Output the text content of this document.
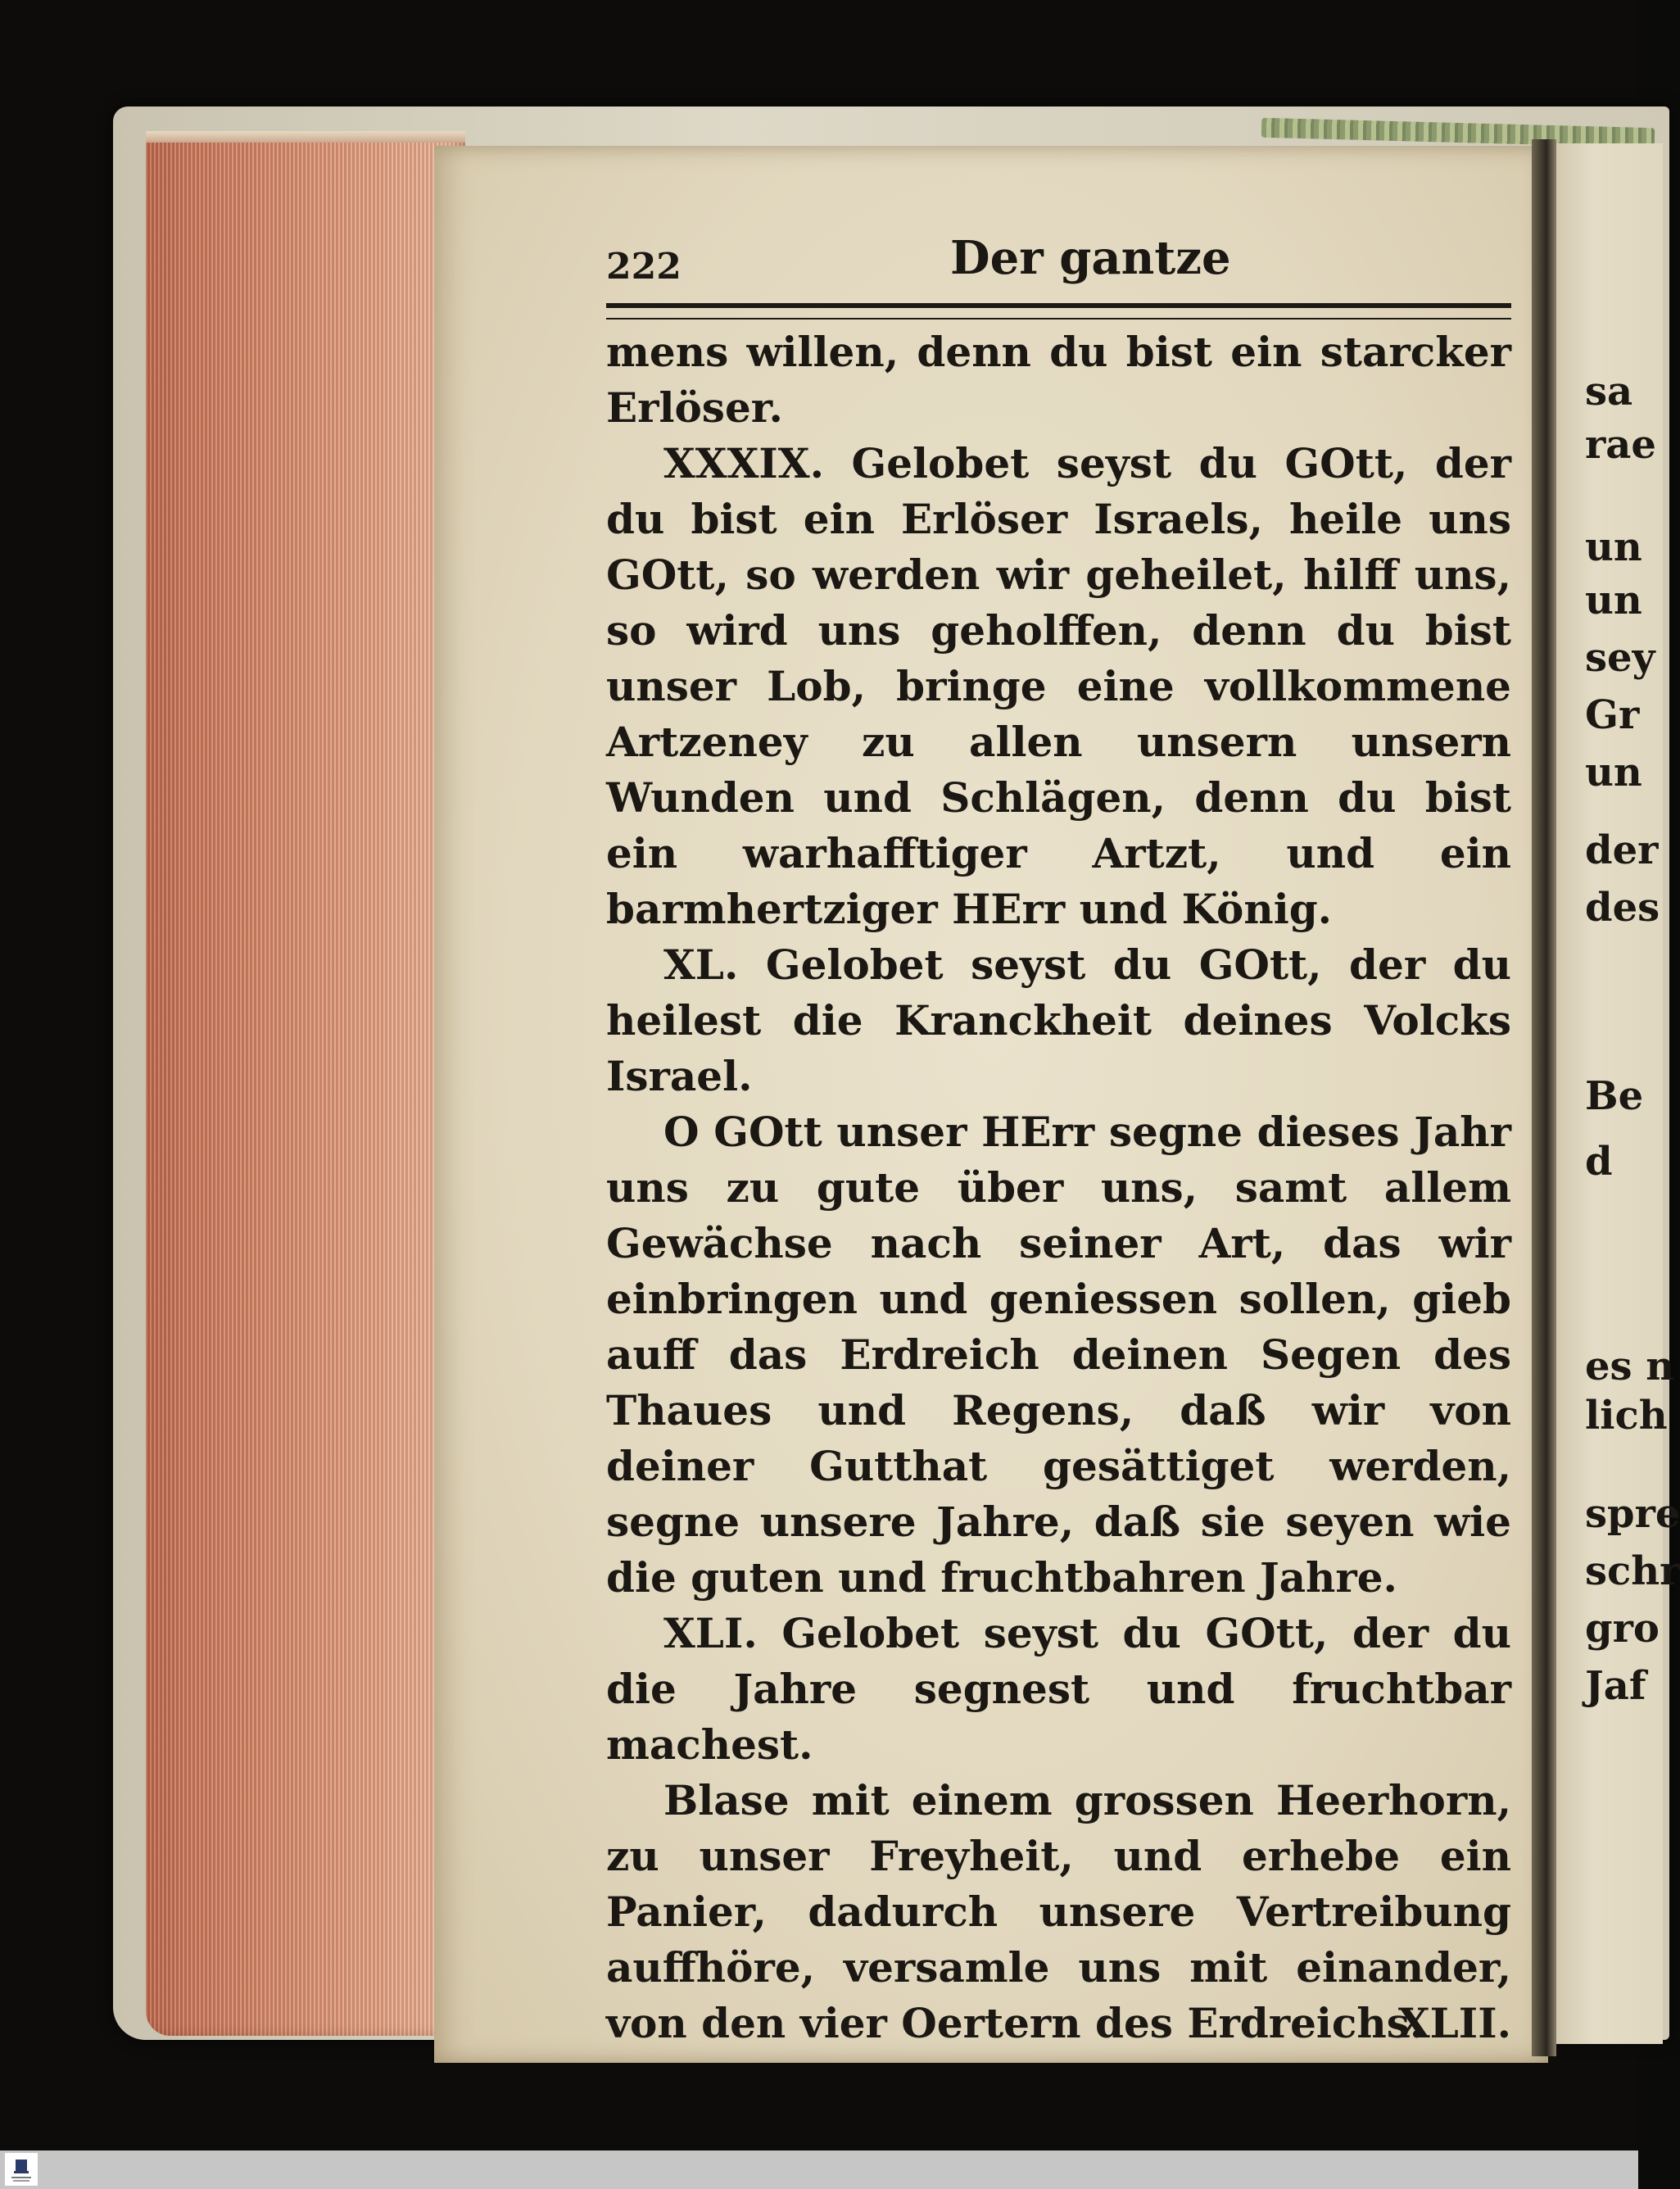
222	Der gantze

mens willen, denn du bist ein starcker Erlöser.

XXXIX. Gelobet seyst du GOtt, der du bist ein Erlöser Israels, heile uns GOtt, so werden wir geheilet, hilff uns, so wird uns geholffen, denn du bist unser Lob, bringe eine vollkommene Artzeney zu allen unsern unsern Wunden und Schlägen, denn du bist ein warhafftiger Artzt, und ein barmhertziger HErr und König.

XL. Gelobet seyst du GOtt, der du heilest die Kranckheit deines Volcks Israel.

O GOtt unser HErr segne dieses Jahr uns zu gute über uns, samt allem Gewächse nach seiner Art, das wir einbringen und geniessen sollen, gieb auff das Erdreich deinen Segen des Thaues und Regens, daß wir von deiner Gutthat gesättiget werden, segne unsere Jahre, daß sie seyen wie die guten und fruchtbahren Jahre.

XLI. Gelobet seyst du GOtt, der du die Jahre segnest und fruchtbar machest.

Blase mit einem grossen Heerhorn, zu unser Freyheit, und erhebe ein Panier, dadurch unsere Vertreibung auffhöre, versamle uns mit einander, von den vier Oertern des Erdreichs.

XLII.
sa
rae
un
un
sey
Gr
un
der
des
Be
d
es n
lich
spre
schr
gro
Jaf
